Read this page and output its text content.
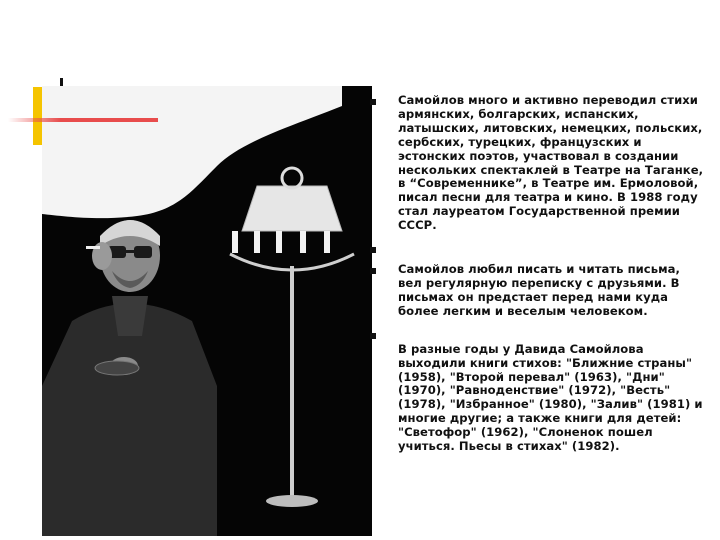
Самойлов много и активно переводил стихи армянских, болгарских, испанских, латышских, литовских, немецких, польских, сербских, турецких, французских и эстонских поэтов, участвовал в создании нескольких спектаклей в Театре на Таганке, в “Современнике”, в Театре им. Ермоловой, писал песни для театра и кино. В 1988 году стал лауреатом Государственной премии СССР.

Самойлов любил писать и читать письма, вел регулярную переписку с друзьями. В письмах он предстает перед нами куда более легким и веселым человеком.

В разные годы у Давида Самойлова выходили книги стихов: "Ближние страны" (1958), "Второй перевал" (1963), "Дни" (1970), "Равноденствие" (1972), "Весть" (1978), "Избранное" (1980), "Залив" (1981) и многие другие; а также книги для детей: "Светофор" (1962), "Слоненок пошел учиться. Пьесы в стихах" (1982).
